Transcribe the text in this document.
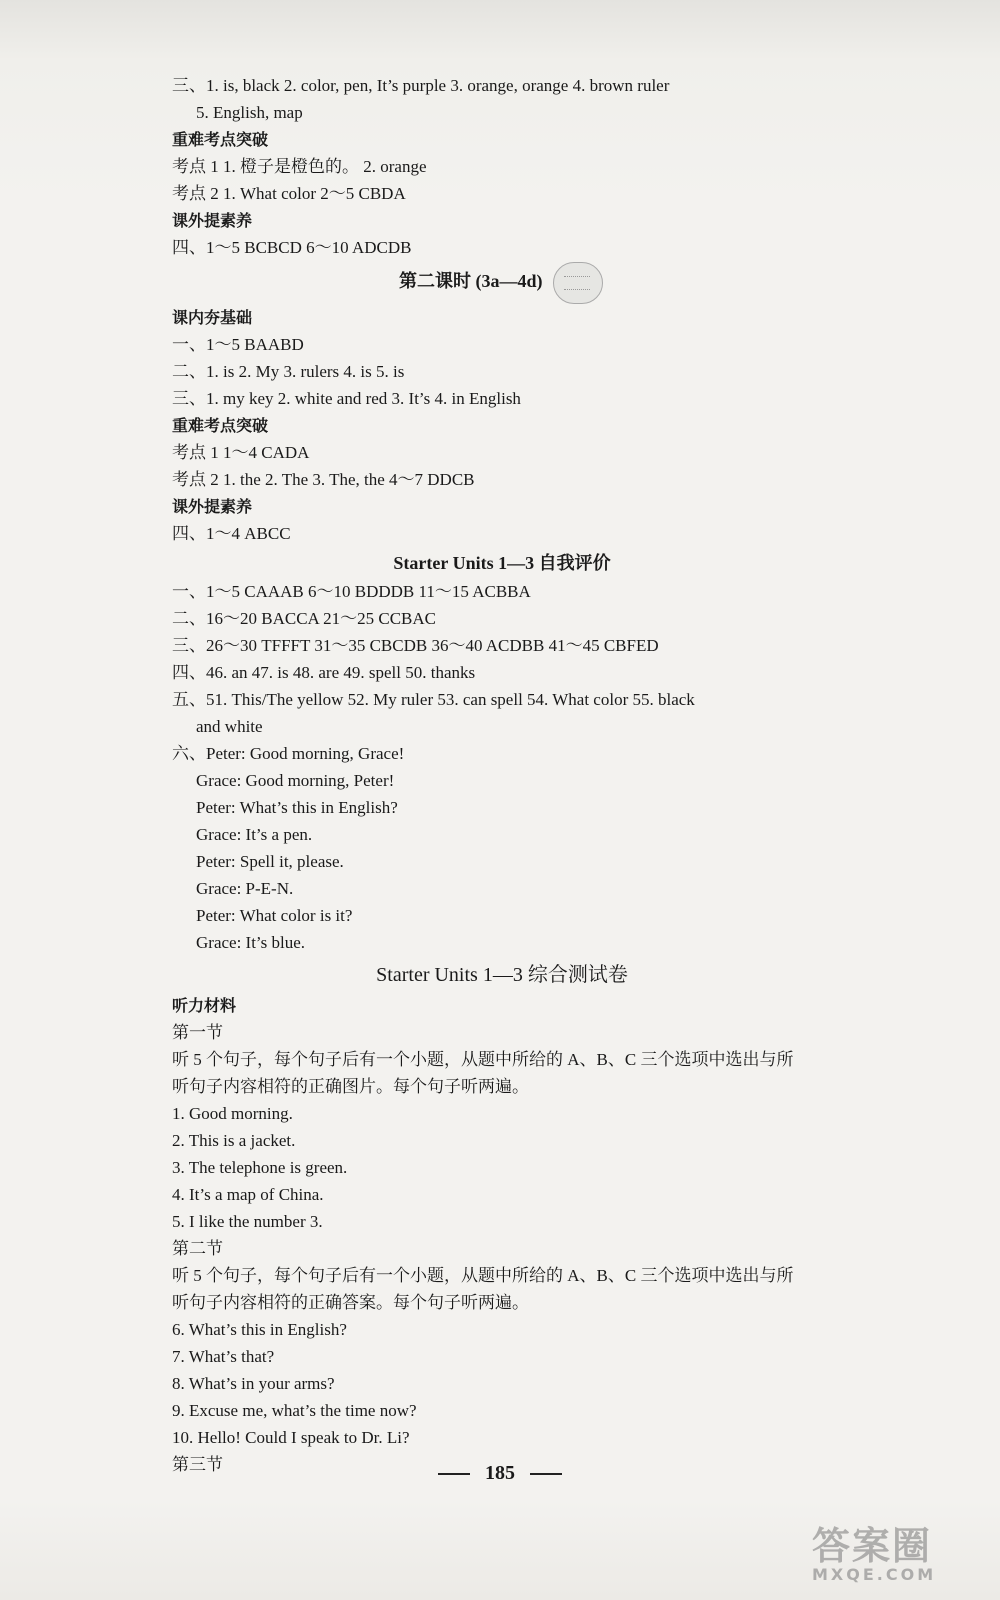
三、1. is, black 2. color, pen, It’s purple 3. orange, orange 4. brown ruler
5. English, map
重难考点突破
考点 1 1. 橙子是橙色的。 2. orange
考点 2 1. What color 2～5 CBDA
课外提素养
四、1～5 BCBCD 6～10 ADCDB
第二课时 (3a—4d)
课内夯基础
一、1～5 BAABD
二、1. is 2. My 3. rulers 4. is 5. is
三、1. my key 2. white and red 3. It’s 4. in English
重难考点突破
考点 1 1～4 CADA
考点 2 1. the 2. The 3. The, the 4～7 DDCB
课外提素养
四、1～4 ABCC
Starter Units 1—3 自我评价
一、1～5 CAAAB 6～10 BDDDB 11～15 ACBBA
二、16～20 BACCA 21～25 CCBAC
三、26～30 TFFFT 31～35 CBCDB 36～40 ACDBB 41～45 CBFED
四、46. an 47. is 48. are 49. spell 50. thanks
五、51. This/The yellow 52. My ruler 53. can spell 54. What color 55. black
and white
六、Peter: Good morning, Grace!
Grace: Good morning, Peter!
Peter: What’s this in English?
Grace: It’s a pen.
Peter: Spell it, please.
Grace: P-E-N.
Peter: What color is it?
Grace: It’s blue.
Starter Units 1—3 综合测试卷
听力材料
第一节
听 5 个句子，每个句子后有一个小题，从题中所给的 A、B、C 三个选项中选出与所
听句子内容相符的正确图片。每个句子听两遍。
1. Good morning.
2. This is a jacket.
3. The telephone is green.
4. It’s a map of China.
5. I like the number 3.
第二节
听 5 个句子，每个句子后有一个小题，从题中所给的 A、B、C 三个选项中选出与所
听句子内容相符的正确答案。每个句子听两遍。
6. What’s this in English?
7. What’s that?
8. What’s in your arms?
9. Excuse me, what’s the time now?
10. Hello! Could I speak to Dr. Li?
第三节	185
答案圈
MXQE.COM
